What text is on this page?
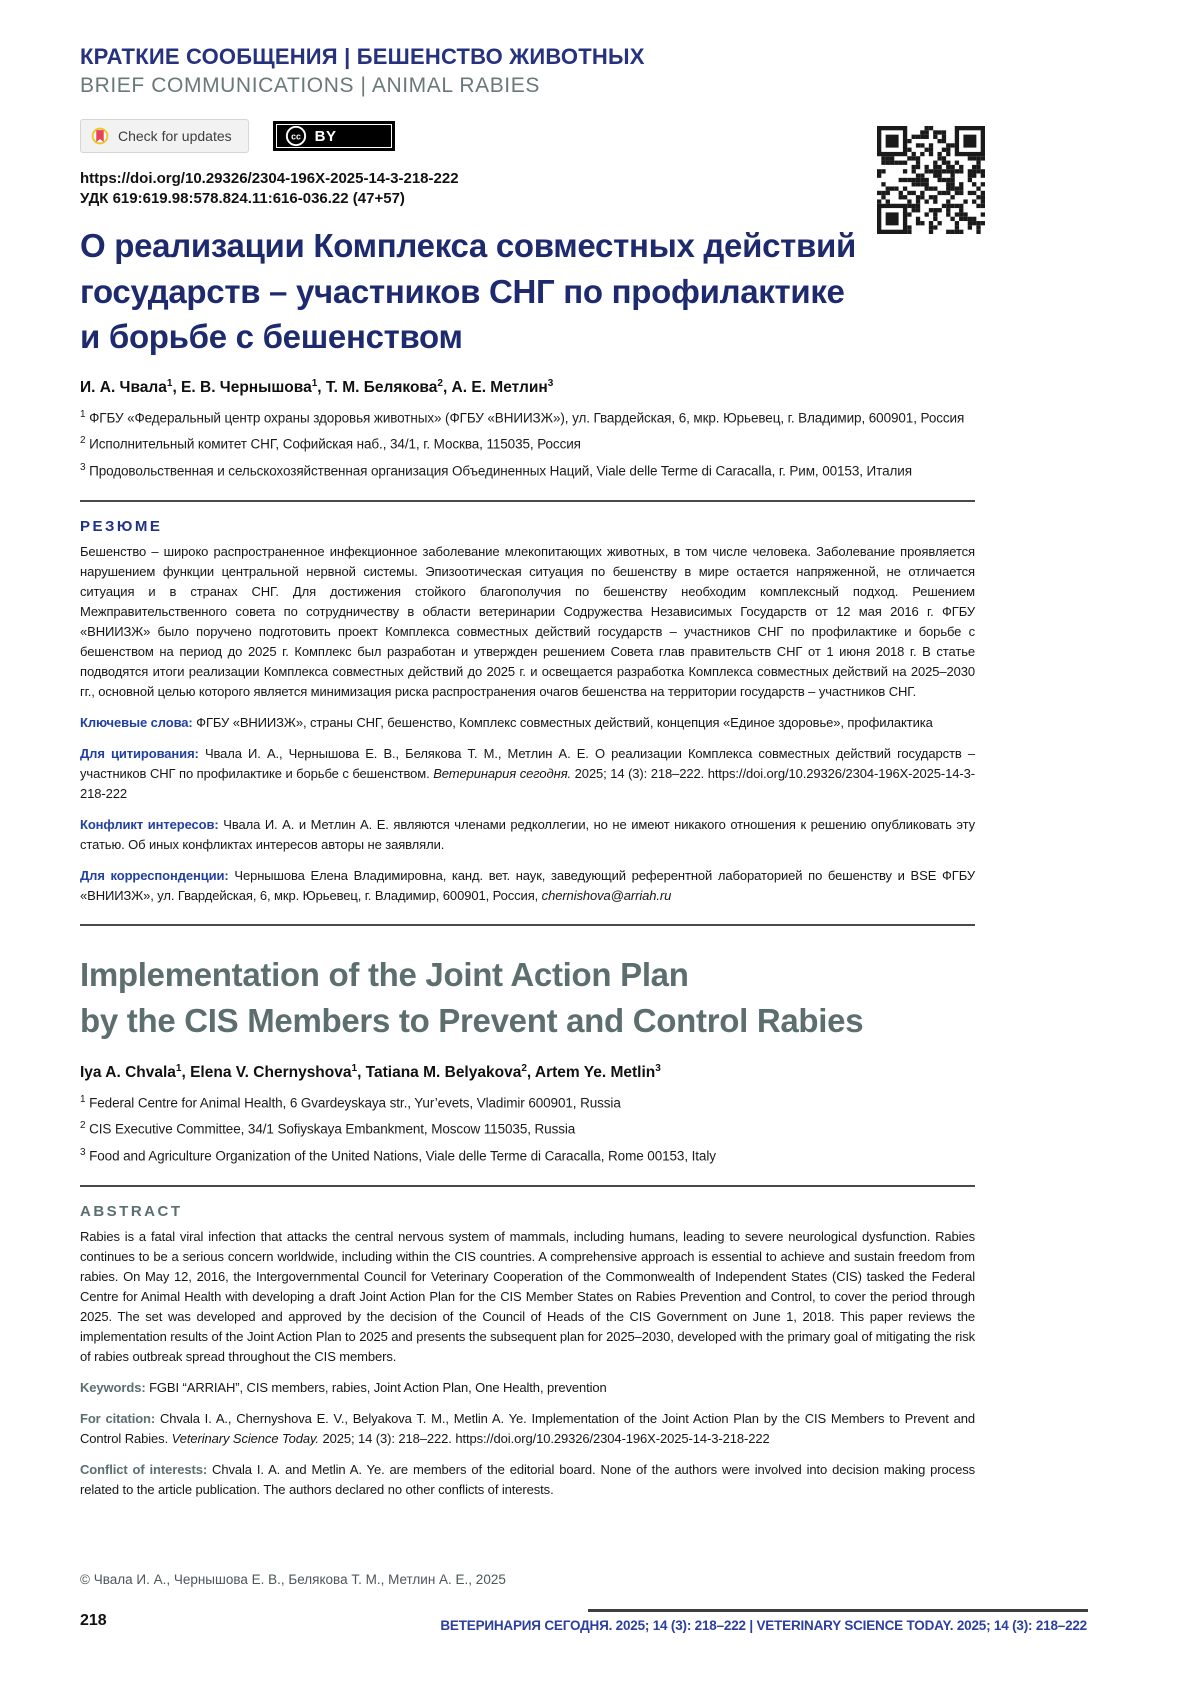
КРАТКИЕ СООБЩЕНИЯ | БЕШЕНСТВО ЖИВОТНЫХ
BRIEF COMMUNICATIONS | ANIMAL RABIES
Check for updates	cc BY
https://doi.org/10.29326/2304-196X-2025-14-3-218-222
УДК 619:619.98:578.824.11:616-036.22 (47+57)
О реализации Комплекса совместных действий
государств – участников СНГ по профилактике
и борьбе с бешенством
И. А. Чвала$^1$, Е. В. Чернышова$^1$, Т. М. Белякова$^2$, А. Е. Метлин$^3$
$^1$ ФГБУ «Федеральный центр охраны здоровья животных» (ФГБУ «ВНИИЗЖ»), ул. Гвардейская, 6, мкр. Юрьевец, г. Владимир, 600901, Россия
$^2$ Исполнительный комитет СНГ, Софийская наб., 34/1, г. Москва, 115035, Россия
$^3$ Продовольственная и сельскохозяйственная организация Объединенных Наций, Viale delle Terme di Caracalla, г. Рим, 00153, Италия
РЕЗЮМЕ
Бешенство – широко распространенное инфекционное заболевание млекопитающих животных, в том числе человека. Заболевание проявляется нарушением функции центральной нервной системы. Эпизоотическая ситуация по бешенству в мире остается напряженной, не отличается ситуация и в странах СНГ. Для достижения стойкого благополучия по бешенству необходим комплексный подход. Решением Межправительственного совета по сотрудничеству в области ветеринарии Содружества Независимых Государств от 12 мая 2016 г. ФГБУ «ВНИИЗЖ» было поручено подготовить проект Комплекса совместных действий государств – участников СНГ по профилактике и борьбе с бешенством на период до 2025 г. Комплекс был разработан и утвержден решением Совета глав правительств СНГ от 1 июня 2018 г. В статье подводятся итоги реализации Комплекса совместных действий до 2025 г. и освещается разработка Комплекса совместных действий на 2025–2030 гг., основной целью которого является минимизация риска распространения очагов бешенства на территории государств – участников СНГ.
Ключевые слова: ФГБУ «ВНИИЗЖ», страны СНГ, бешенство, Комплекс совместных действий, концепция «Единое здоровье», профилактика
Для цитирования: Чвала И. А., Чернышова Е. В., Белякова Т. М., Метлин А. Е. О реализации Комплекса совместных действий государств – участников СНГ по профилактике и борьбе с бешенством. Ветеринария сегодня. 2025; 14 (3): 218–222. https://doi.org/10.29326/2304-196X-2025-14-3-218-222
Конфликт интересов: Чвала И. А. и Метлин А. Е. являются членами редколлегии, но не имеют никакого отношения к решению опубликовать эту статью. Об иных конфликтах интересов авторы не заявляли.
Для корреспонденции: Чернышова Елена Владимировна, канд. вет. наук, заведующий референтной лабораторией по бешенству и BSE ФГБУ «ВНИИЗЖ», ул. Гвардейская, 6, мкр. Юрьевец, г. Владимир, 600901, Россия, chernishova@arriah.ru
Implementation of the Joint Action Plan
by the CIS Members to Prevent and Control Rabies
Iya A. Chvala$^1$, Elena V. Chernyshova$^1$, Tatiana M. Belyakova$^2$, Artem Ye. Metlin$^3$
$^1$ Federal Centre for Animal Health, 6 Gvardeyskaya str., Yur’evets, Vladimir 600901, Russia
$^2$ CIS Executive Committee, 34/1 Sofiyskaya Embankment, Moscow 115035, Russia
$^3$ Food and Agriculture Organization of the United Nations, Viale delle Terme di Caracalla, Rome 00153, Italy
ABSTRACT
Rabies is a fatal viral infection that attacks the central nervous system of mammals, including humans, leading to severe neurological dysfunction. Rabies continues to be a serious concern worldwide, including within the CIS countries. A comprehensive approach is essential to achieve and sustain freedom from rabies. On May 12, 2016, the Intergovernmental Council for Veterinary Cooperation of the Commonwealth of Independent States (CIS) tasked the Federal Centre for Animal Health with developing a draft Joint Action Plan for the CIS Member States on Rabies Prevention and Control, to cover the period through 2025. The set was developed and approved by the decision of the Council of Heads of the CIS Government on June 1, 2018. This paper reviews the implementation results of the Joint Action Plan to 2025 and presents the subsequent plan for 2025–2030, developed with the primary goal of mitigating the risk of rabies outbreak spread throughout the CIS members.
Keywords: FGBI “ARRIAH”, CIS members, rabies, Joint Action Plan, One Health, prevention
For citation: Chvala I. A., Chernyshova E. V., Belyakova T. M., Metlin A. Ye. Implementation of the Joint Action Plan by the CIS Members to Prevent and Control Rabies. Veterinary Science Today. 2025; 14 (3): 218–222. https://doi.org/10.29326/2304-196X-2025-14-3-218-222
Conflict of interests: Chvala I. A. and Metlin A. Ye. are members of the editorial board. None of the authors were involved into decision making process related to the article publication. The authors declared no other conflicts of interests.
© Чвала И. А., Чернышова Е. В., Белякова Т. М., Метлин А. Е., 2025
218	ВЕТЕРИНАРИЯ СЕГОДНЯ. 2025; 14 (3): 218–222 | VETERINARY SCIENCE TODAY. 2025; 14 (3): 218–222
